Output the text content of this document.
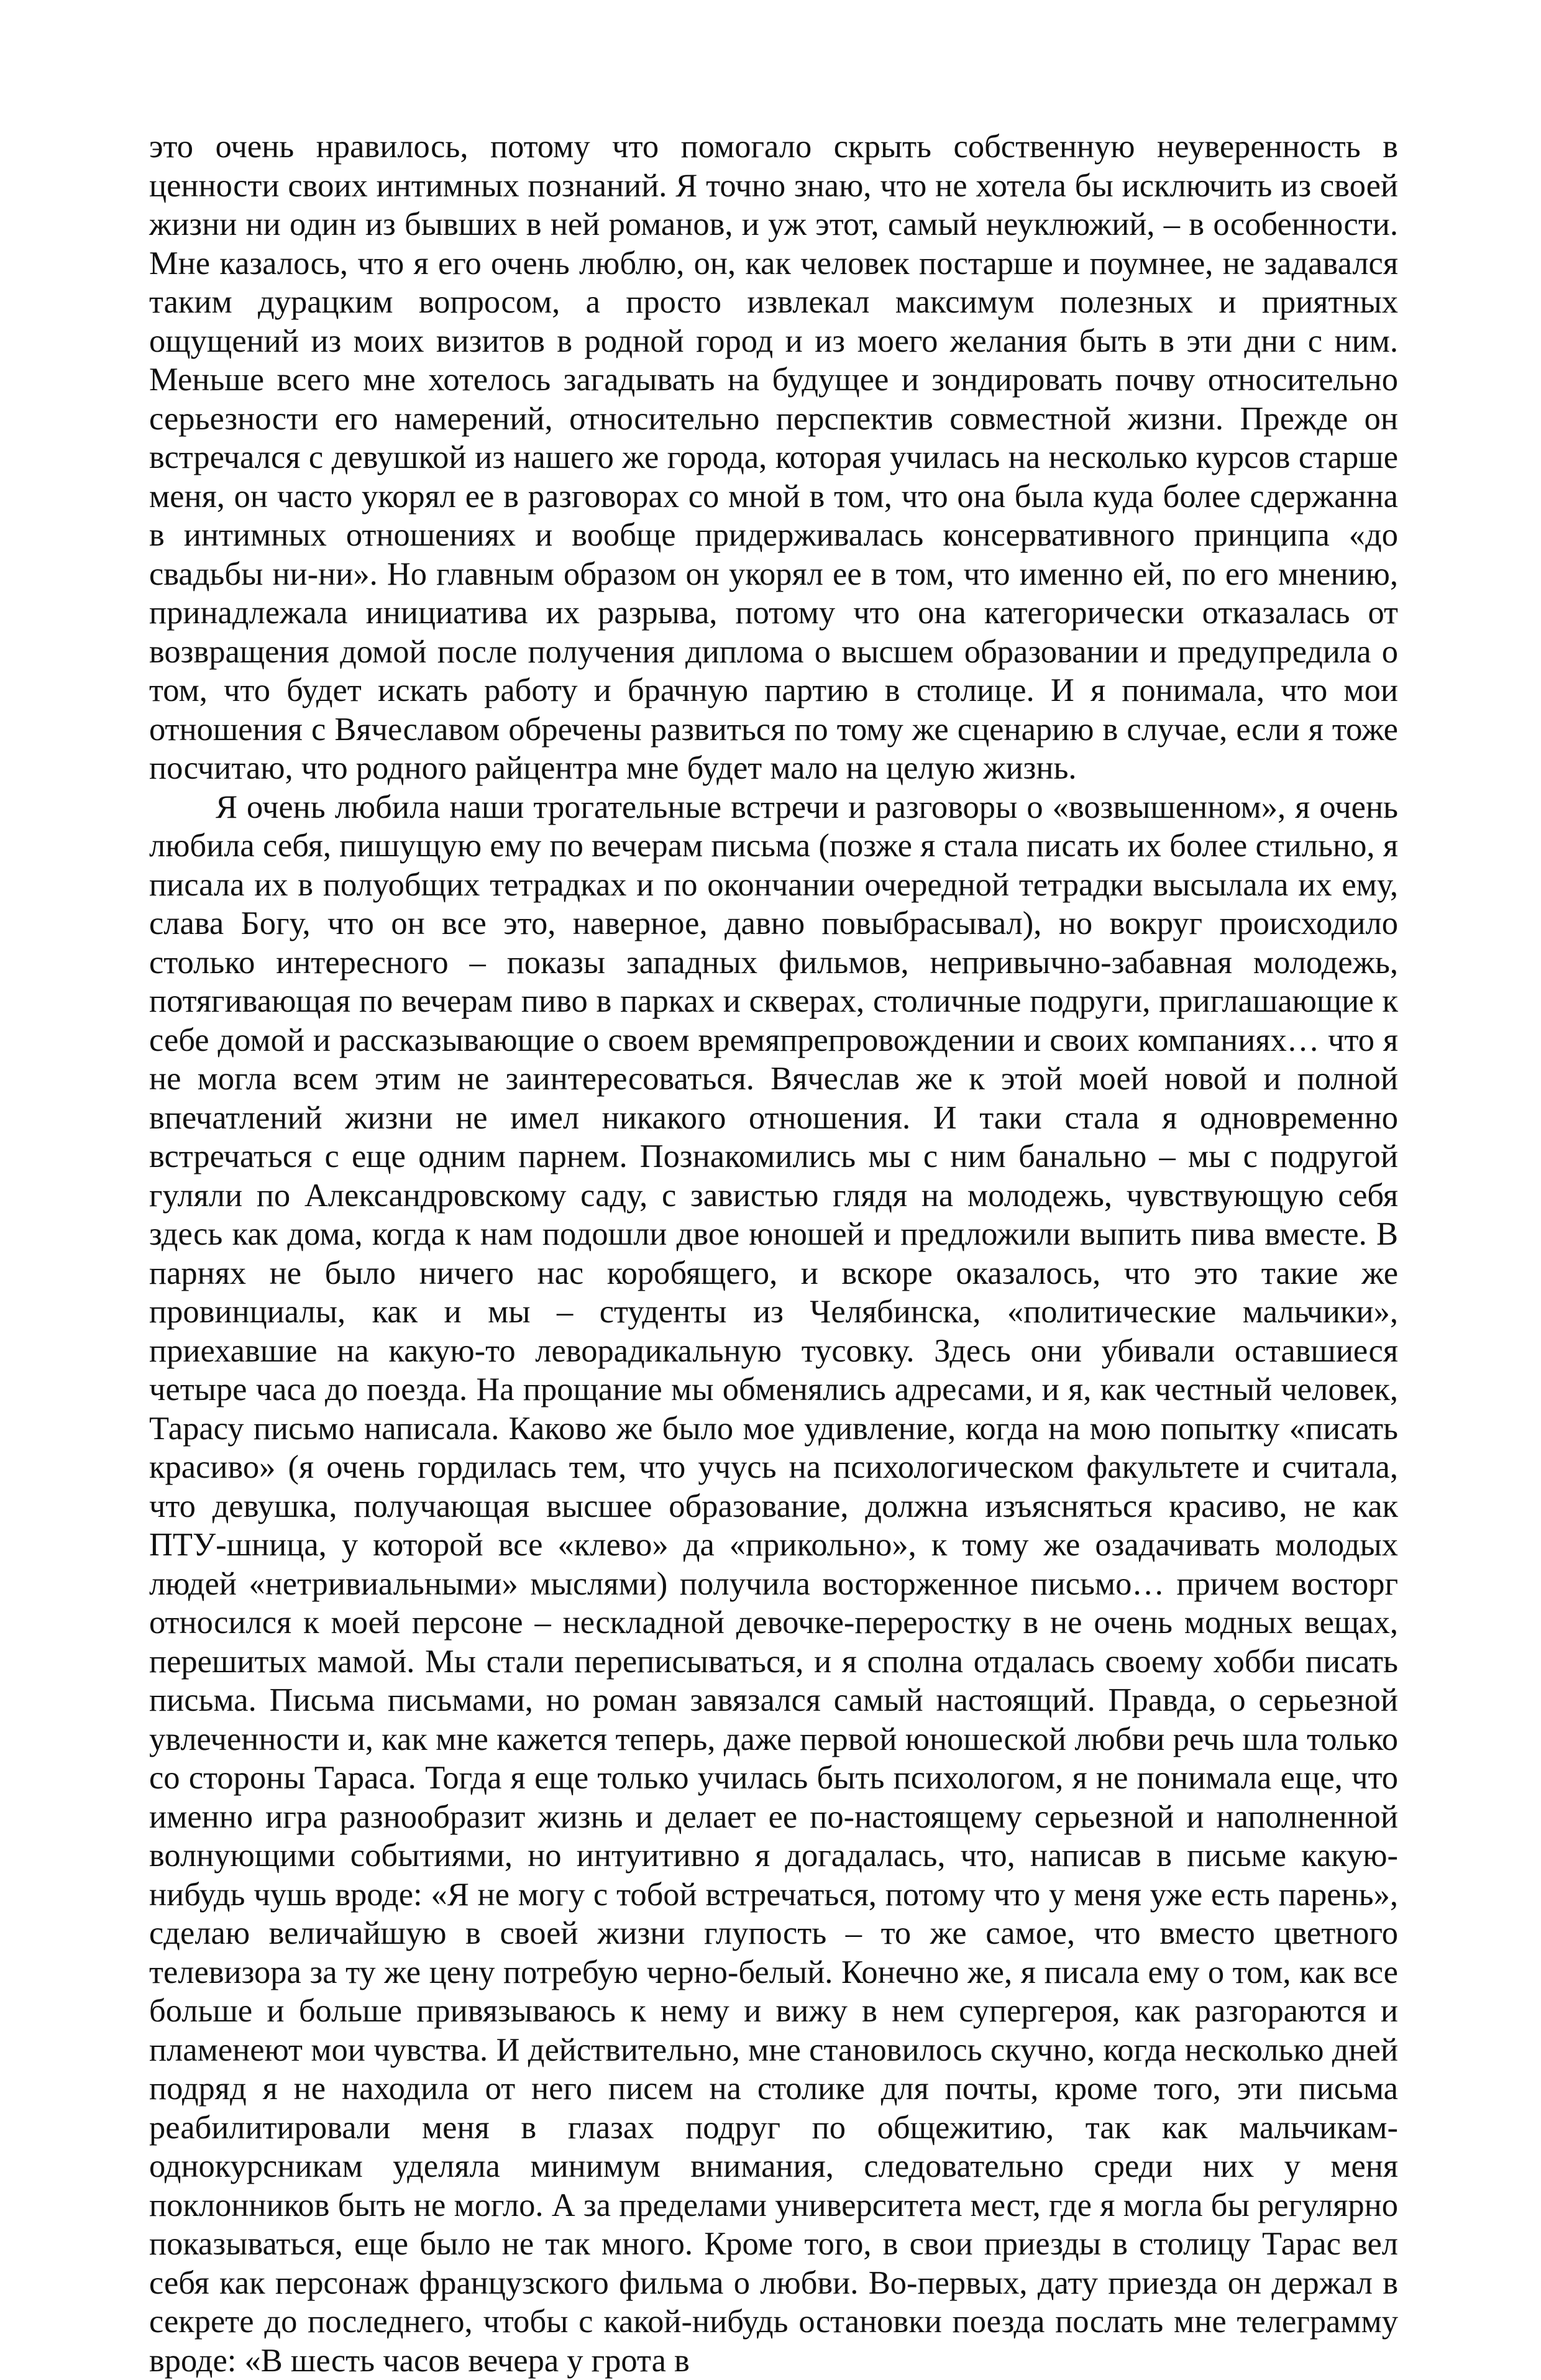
это очень нравилось, потому что помогало скрыть собственную неуверенность в ценности своих интимных познаний. Я точно знаю, что не хотела бы исключить из своей жизни ни один из бывших в ней романов, и уж этот, самый неуклюжий, – в особенности. Мне казалось, что я его очень люблю, он, как человек постарше и поумнее, не задавался таким дурацким вопросом, а просто извлекал максимум полезных и приятных ощущений из моих визитов в родной город и из моего желания быть в эти дни с ним. Меньше всего мне хотелось загадывать на будущее и зондировать почву относительно серьезности его намерений, относительно перспектив совместной жизни. Прежде он встречался с девушкой из нашего же города, которая училась на несколько курсов старше меня, он часто укорял ее в разговорах со мной в том, что она была куда более сдержанна в интимных отношениях и вообще придерживалась консервативного принципа «до свадьбы ни-ни». Но главным образом он укорял ее в том, что именно ей, по его мнению, принадлежала инициатива их разрыва, потому что она категорически отказалась от возвращения домой после получения диплома о высшем образовании и предупредила о том, что будет искать работу и брачную партию в столице. И я понимала, что мои отношения с Вячеславом обречены развиться по тому же сценарию в случае, если я тоже посчитаю, что родного райцентра мне будет мало на целую жизнь.

Я очень любила наши трогательные встречи и разговоры о «возвышенном», я очень любила себя, пишущую ему по вечерам письма (позже я стала писать их более стильно, я писала их в полуобщих тетрадках и по окончании очередной тетрадки высылала их ему, слава Богу, что он все это, наверное, давно повыбрасывал), но вокруг происходило столько интересного – показы западных фильмов, непривычно-забавная молодежь, потягивающая по вечерам пиво в парках и скверах, столичные подруги, приглашающие к себе домой и рассказывающие о своем времяпрепровождении и своих компаниях… что я не могла всем этим не заинтересоваться. Вячеслав же к этой моей новой и полной впечатлений жизни не имел никакого отношения. И таки стала я одновременно встречаться с еще одним парнем. Познакомились мы с ним банально – мы с подругой гуляли по Александровскому саду, с завистью глядя на молодежь, чувствующую себя здесь как дома, когда к нам подошли двое юношей и предложили выпить пива вместе. В парнях не было ничего нас коробящего, и вскоре оказалось, что это такие же провинциалы, как и мы – студенты из Челябинска, «политические мальчики», приехавшие на какую-то леворадикальную тусовку. Здесь они убивали оставшиеся четыре часа до поезда. На прощание мы обменялись адресами, и я, как честный человек, Тарасу письмо написала. Каково же было мое удивление, когда на мою попытку «писать красиво» (я очень гордилась тем, что учусь на психологическом факультете и считала, что девушка, получающая высшее образование, должна изъясняться красиво, не как ПТУ-шница, у которой все «клево» да «прикольно», к тому же озадачивать молодых людей «нетривиальными» мыслями) получила восторженное письмо… причем восторг относился к моей персоне – нескладной девочке-переростку в не очень модных вещах, перешитых мамой. Мы стали переписываться, и я сполна отдалась своему хобби писать письма. Письма письмами, но роман завязался самый настоящий. Правда, о серьезной увлеченности и, как мне кажется теперь, даже первой юношеской любви речь шла только со стороны Тараса. Тогда я еще только училась быть психологом, я не понимала еще, что именно игра разнообразит жизнь и делает ее по-настоящему серьезной и наполненной волнующими событиями, но интуитивно я догадалась, что, написав в письме какую-нибудь чушь вроде: «Я не могу с тобой встречаться, потому что у меня уже есть парень», сделаю величайшую в своей жизни глупость – то же самое, что вместо цветного телевизора за ту же цену потребую черно-белый. Конечно же, я писала ему о том, как все больше и больше привязываюсь к нему и вижу в нем супергероя, как разгораются и пламенеют мои чувства. И действительно, мне становилось скучно, когда несколько дней подряд я не находила от него писем на столике для почты, кроме того, эти письма реабилитировали меня в глазах подруг по общежитию, так как мальчикам-однокурсникам уделяла минимум внимания, следовательно среди них у меня поклонников быть не могло. А за пределами университета мест, где я могла бы регулярно показываться, еще было не так много. Кроме того, в свои приезды в столицу Тарас вел себя как персонаж французского фильма о любви. Во-первых, дату приезда он держал в секрете до последнего, чтобы с какой-нибудь остановки поезда послать мне телеграмму вроде: «В шесть часов вечера у грота в
